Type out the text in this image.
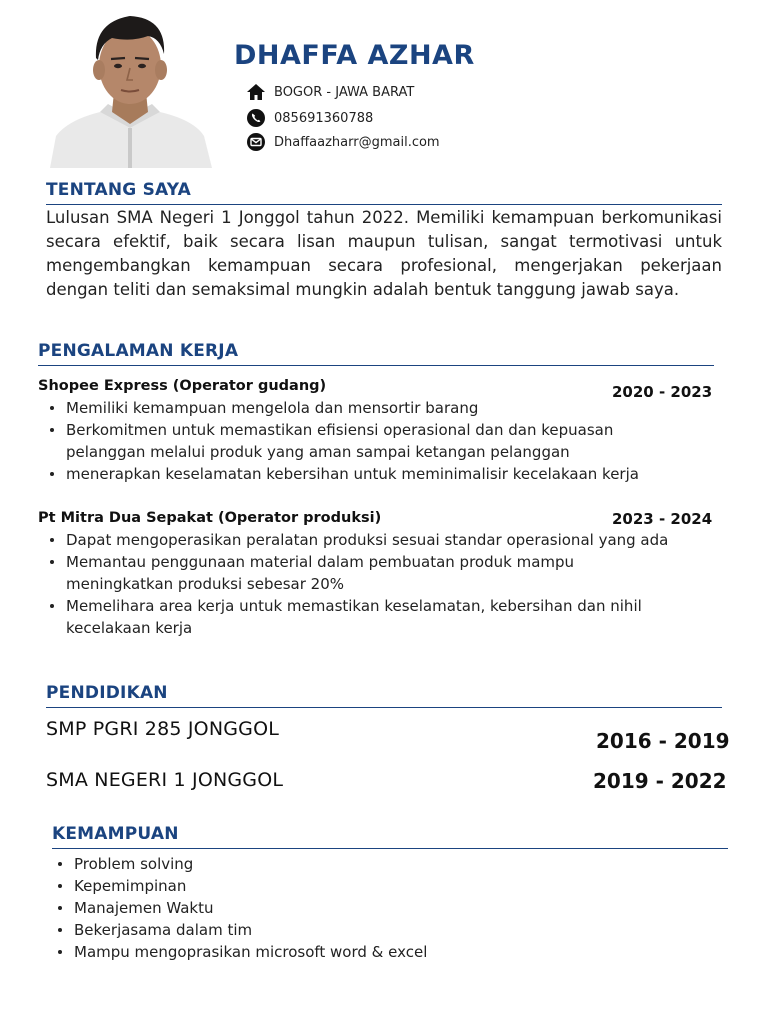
DHAFFA AZHAR
BOGOR - JAWA BARAT
085691360788
Dhaffaazharr@gmail.com
TENTANG SAYA
Lulusan SMA Negeri 1 Jonggol tahun 2022. Memiliki kemampuan berkomunikasi secara efektif, baik secara lisan maupun tulisan, sangat termotivasi untuk mengembangkan kemampuan secara profesional, mengerjakan pekerjaan dengan teliti dan semaksimal mungkin adalah bentuk tanggung jawab saya.
PENGALAMAN KERJA
Shopee Express (Operator gudang)	2020 - 2023
Memiliki kemampuan mengelola dan mensortir barang
Berkomitmen untuk memastikan efisiensi operasional dan dan kepuasan pelanggan melalui produk yang aman sampai ketangan pelanggan
menerapkan keselamatan kebersihan untuk meminimalisir kecelakaan kerja
Pt Mitra Dua Sepakat (Operator produksi)	2023 - 2024
Dapat mengoperasikan peralatan produksi sesuai standar operasional yang ada
Memantau penggunaan material dalam pembuatan produk mampu meningkatkan produksi sebesar 20%
Memelihara area kerja untuk memastikan keselamatan, kebersihan dan nihil kecelakaan kerja
PENDIDIKAN
SMP PGRI 285 JONGGOL	2016 - 2019
SMA NEGERI 1 JONGGOL	2019 - 2022
KEMAMPUAN
Problem solving
Kepemimpinan
Manajemen Waktu
Bekerjasama dalam tim
Mampu mengoprasikan microsoft word & excel
